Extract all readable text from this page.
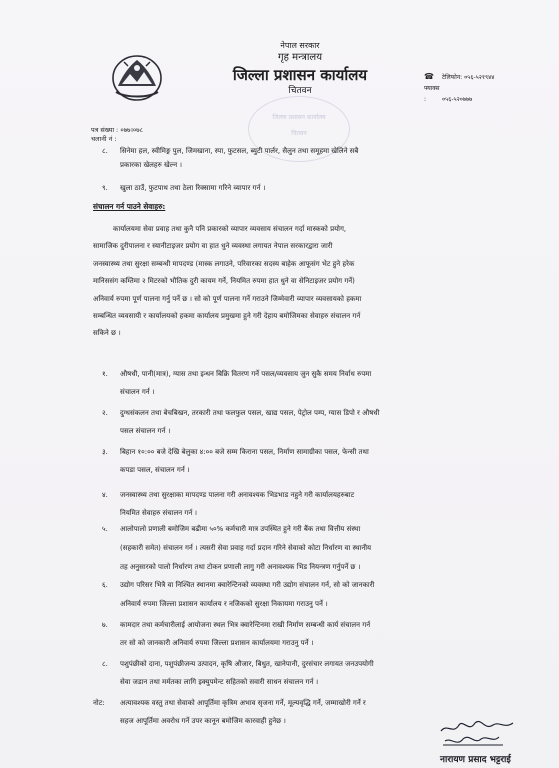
नेपाल सरकार
गृह मन्त्रालय
जिल्ला प्रशासन कार्यालय
चितवन
☎ टेलिफोन: ०५६-५२१९४४
फ्याक्स :	०५६-५२०७७७
पत्र संख्या : ०७७।०७८
चलानी नं :
जिल्ला प्रशासन कार्यालय
चितवन
८. सिनेमा हल, स्वीमिङ्ग पुल, जिमखाना, स्पा, फुटसल, ब्युटी पार्लर, सैलुन तथा समूहमा खेलिने सबै
प्रकारका खेलहरु खेल्न ।
९. खुला ठाउँ, फुटपाथ तथा ठेला रिक्सामा गरिने व्यापार गर्न ।
संचालन गर्न पाउने सेवाहरु:
कार्यालयमा सेवा प्रवाह तथा कुनै पनि प्रकारको व्यापार व्यवसाय संचालन गर्दा मास्कको प्रयोग,
सामाजिक दुरीपालना र स्यानीटाइजर प्रयोग वा हात धुने व्यवस्था लगायत नेपाल सरकारद्वारा जारी
जनस्वास्थ्य तथा सुरक्षा सम्बन्धी मापदण्ड (मास्क लगाउने, परिवारका सदस्य बाहेक आफूसंग भेट हुने हरेक
मानिससंग कम्तिमा २ मिटरको भौतिक दुरी कायम गर्ने, नियमित रुपमा हात धुने वा सेनिटाइजर प्रयोग गर्ने)
अनिवार्य रुपमा पूर्ण पालना गर्नु पर्ने छ । सो को पूर्ण पालना गर्ने गराउने जिम्मेवारी व्यापार व्यवसायको हकमा
सम्बन्धित व्यवसायी र कार्यालयको हकमा कार्यालय प्रमुखमा हुने गरी देहाय बमोजिमका सेवाहरु संचालन गर्न
सकिने छ ।
१. औषधी, पानी(मात्र), ग्यास तथा इन्धन बिक्रि वितरण गर्ने पसल/व्यवसाय जुन सुकै समय निर्वाध रुपमा
संचालन गर्न ।
२. दुग्धसंकलन तथा बेचबिखन, तरकारी तथा फलफुल पसल, खाद्य पसल, पेट्रोल पम्प, ग्यास डिपो र औषधी
पसल संचालन गर्न ।
३. बिहान १०:०० बजे देखि बेलुका ४:०० बजे सम्म किराना पसल, निर्माण सामाग्रीका पसल, फेन्सी तथा
कपडा पसल, संचालन गर्न ।
४. जनस्वास्थ्य तथा सुरक्षाका मापदण्ड पालना गरी अनावश्यक भिडभाड नहुने गरी कार्यालयहरुबाट
नियमित सेवाहरु संचालन गर्न ।
५. आलोपालो प्रणाली बमोजिम बढीमा ५०% कर्मचारी मात्र उपस्थित हुने गरी बैंक तथा वित्तीय संस्था
(सहकारी समेत) संचालन गर्न । त्यसरी सेवा प्रवाह गर्दा प्रदान गरिने सेवाको कोटा निर्धारण वा स्थानीय
तह अनुसारको पालो निर्धारण तथा टोकन प्रणाली लागु गरी अनावश्यक भिड नियन्त्रण गर्नुपर्ने छ ।
६. उद्योग परिसर भित्रै वा निश्चित स्थानमा क्वारेन्टिनको व्यवस्था गरी उद्योग संचालन गर्न, सो को जानकारी
अनिवार्य रुपमा जिल्ला प्रशासन कार्यालय र नजिकको सुरक्षा निकायमा गराउनु पर्ने ।
७. कामदार तथा कर्मचारीलाई आयोजना स्थल भित्र क्वारेन्टिनमा राखी निर्माण सम्बन्धी कार्य संचालन गर्न
तर सो को जानकारी अनिवार्य रुपमा जिल्ला प्रशासन कार्यालयमा गराउनु पर्ने ।
८. पशुपंछीको दाना, पशुपंछीजन्य उत्पादन, कृषि औजार, बिधुत, खानेपानी, दुरसंचार लगायत जनउपयोगी
सेवा जडान तथा मर्मतका लागि इक्युपमेन्ट सहितको सवारी साधन संचालन गर्न ।
नोट: अत्यावश्यक वस्तु तथा सेवाको आपूर्तिमा कृत्रिम अभाव सृजना गर्ने, मूल्यवृद्धि गर्ने, जम्माखोरी गर्ने र
सहज आपूर्तिमा अवरोध गर्ने उपर कानून बमोजिम कारवाही हुनेछ ।
नारायण प्रसाद भट्टराई
